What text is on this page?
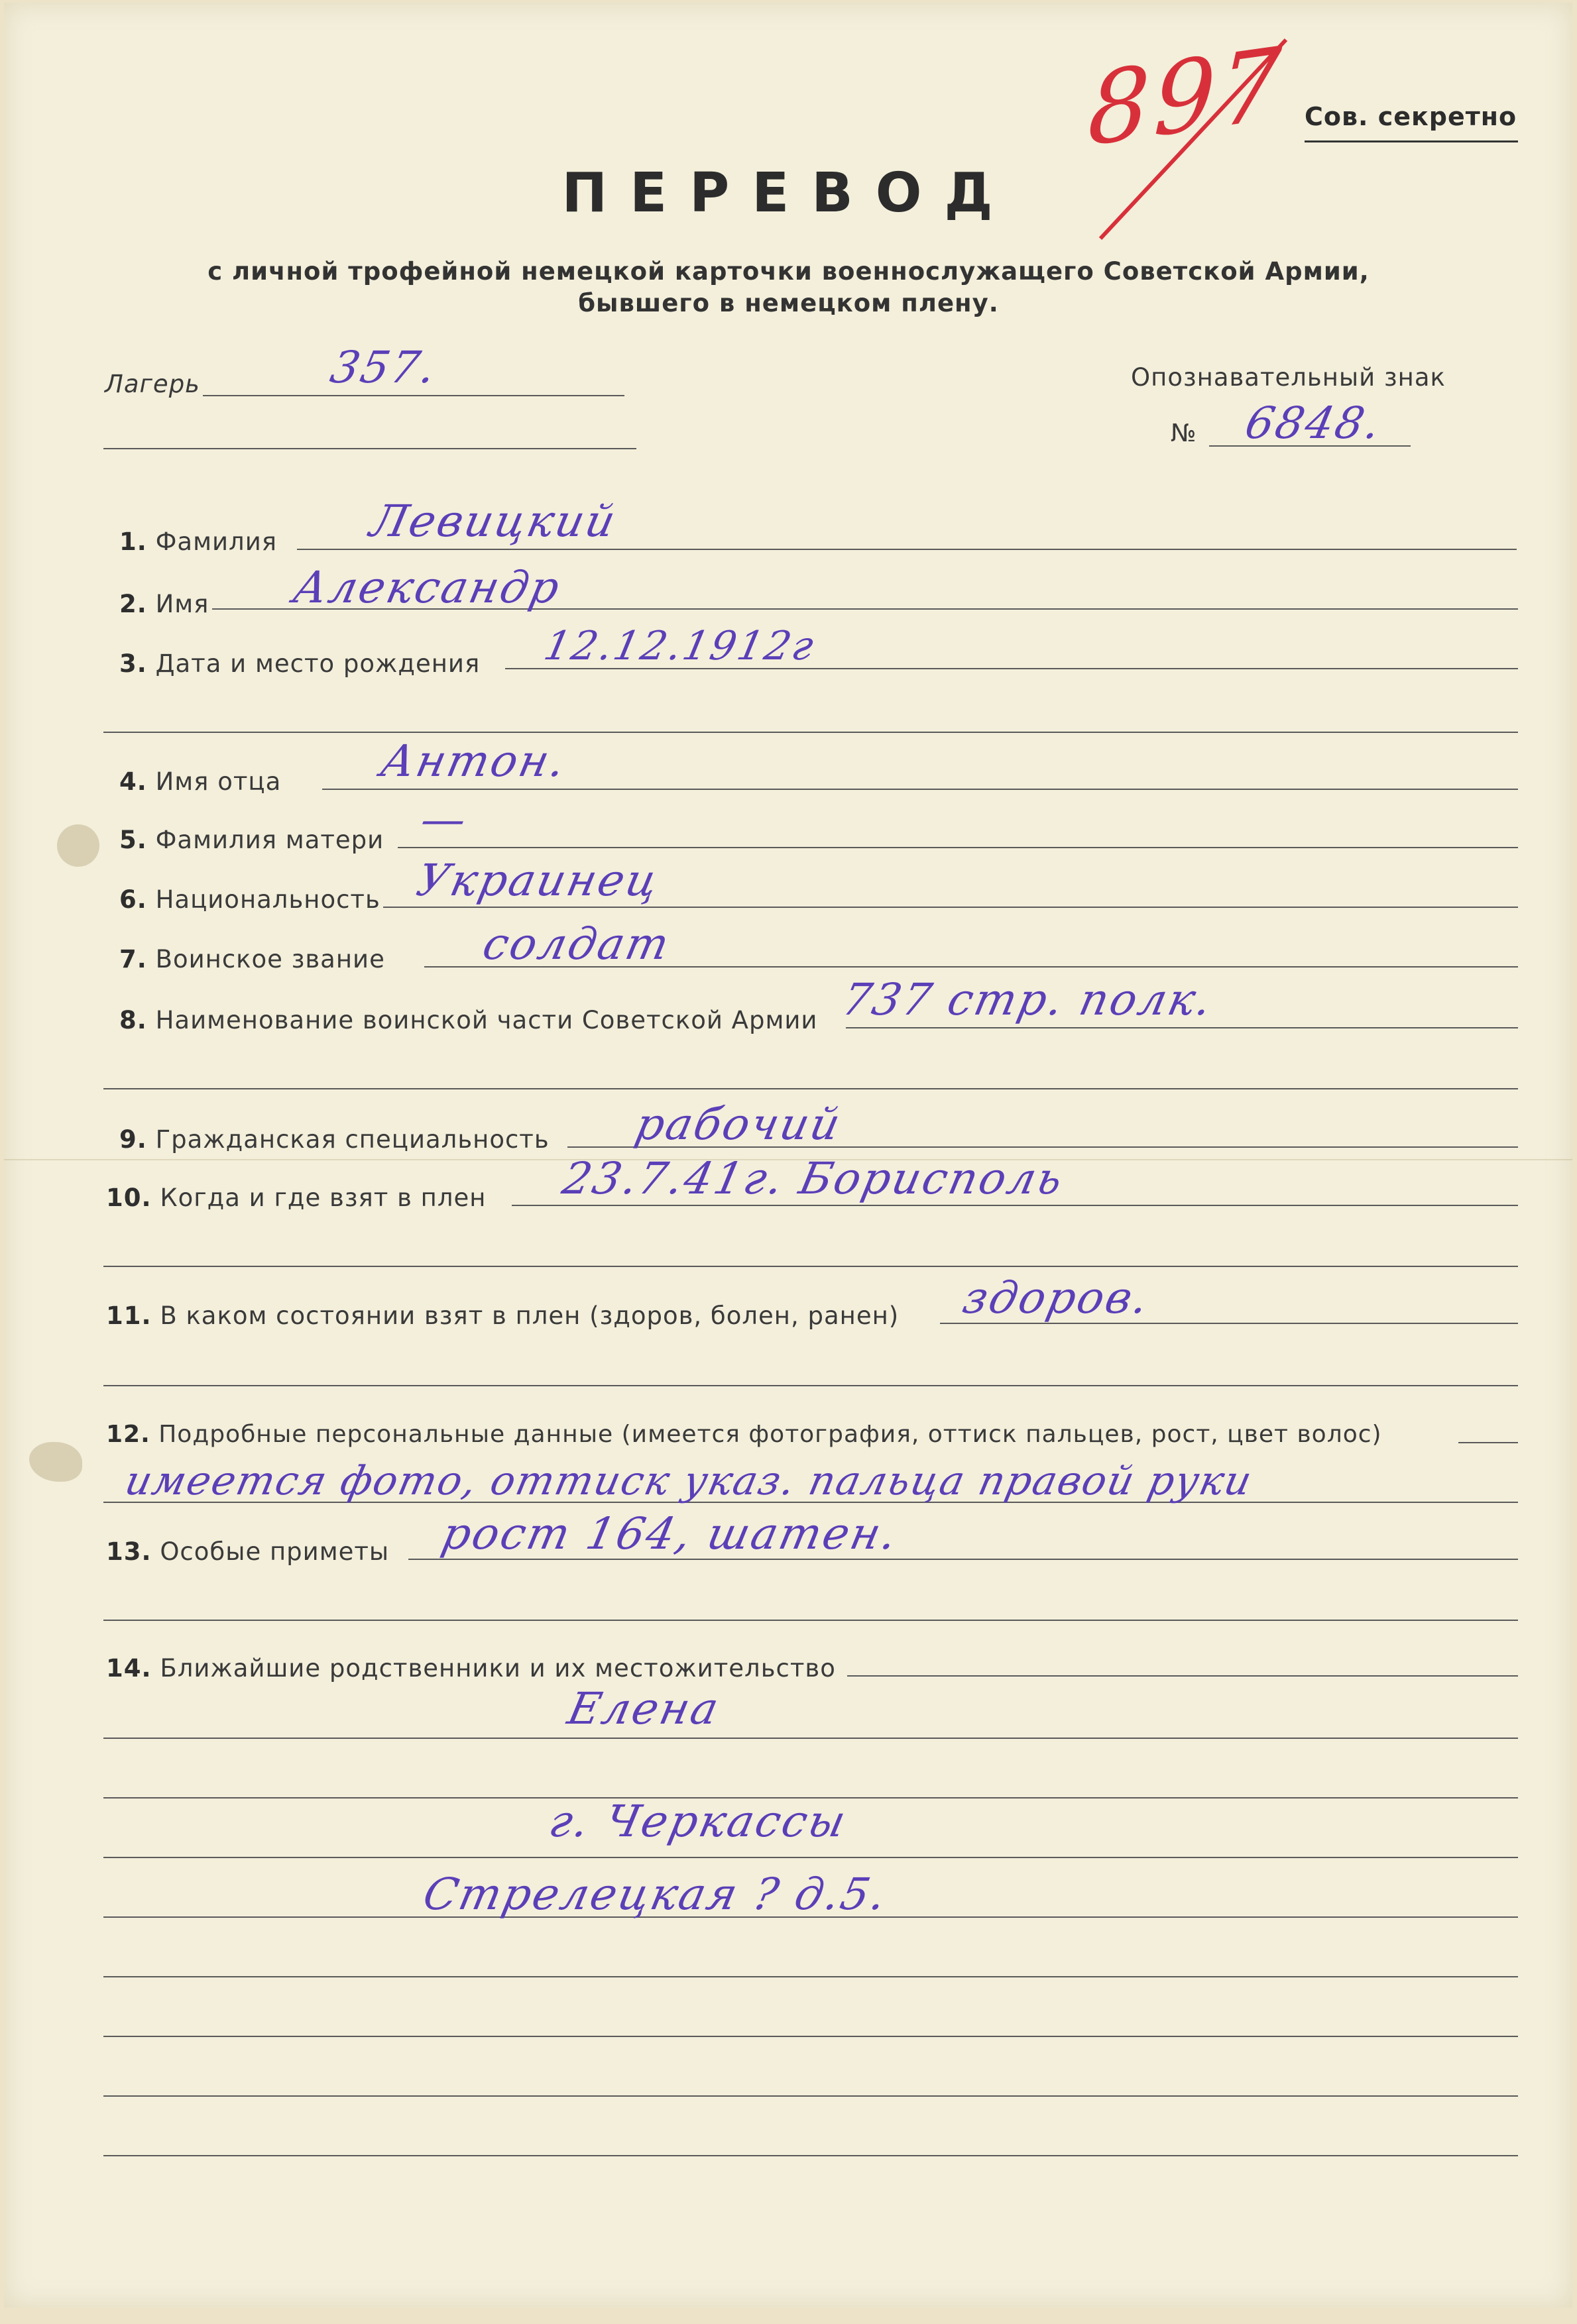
897 Сов. секретно
ПЕРЕВОД
с личной трофейной немецкой карточки военнослужащего Советской Армии,
бывшего в немецком плену.
Лагерь	357.	Опознавательный знак
№ 6848.
1. Фамилия Левицкий
2. Имя Александр
3. Дата и место рождения 12.12.1912г
4. Имя отца Антон.
5. Фамилия матери —
6. Национальность Украинец
7. Воинское звание солдат
8. Наименование воинской части Советской Армии 737 стр. полк.
9. Гражданская специальность рабочий
10. Когда и где взят в плен 23.7.41г. Борисполь
11. В каком состоянии взят в плен (здоров, болен, ранен) здоров.
12. Подробные персональные данные (имеется фотография, оттиск пальцев, рост, цвет волос)
имеется фото, оттиск указ. пальца правой руки
13. Особые приметы рост 164, шатен.
14. Ближайшие родственники и их местожительство
Елена
г. Черкассы
Стрелецкая ? д.5.
